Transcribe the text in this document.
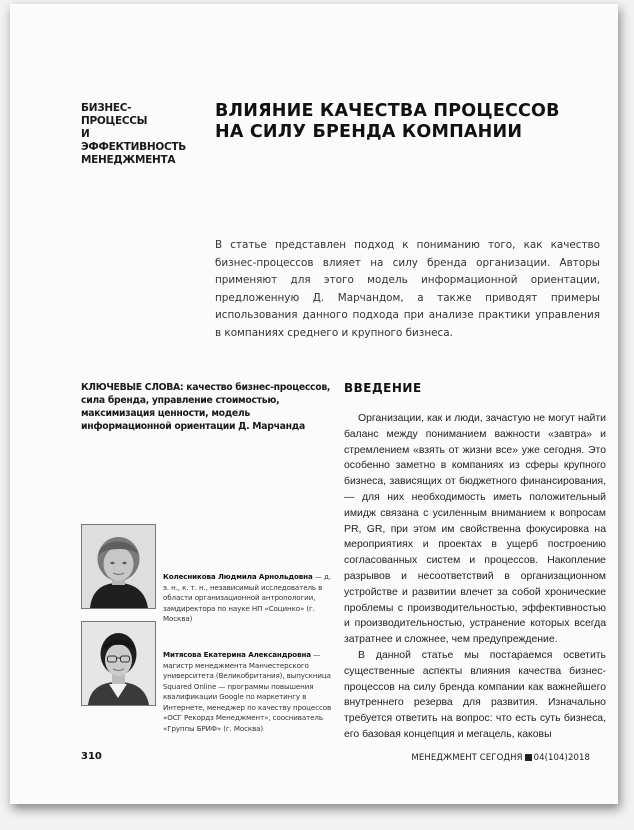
БИЗНЕС-ПРОЦЕССЫ
И ЭФФЕКТИВНОСТЬ
МЕНЕДЖМЕНТА
ВЛИЯНИЕ КАЧЕСТВА ПРОЦЕССОВ НА СИЛУ БРЕНДА КОМПАНИИ
В статье представлен подход к пониманию того, как качество бизнес-процессов влияет на силу бренда организации. Авторы применяют для этого модель информационной ориентации, предложенную Д. Марчандом, а также приводят примеры использования данного подхода при анализе практики управления в компаниях среднего и крупного бизнеса.
КЛЮЧЕВЫЕ СЛОВА: качество бизнес-процессов, сила бренда, управление стоимостью, максимизация ценности, модель информационной ориентации Д. Марчанда
ВВЕДЕНИЕ

Организации, как и люди, зачастую не могут найти баланс между пониманием важности «завтра» и стремлением «взять от жизни все» уже сегодня. Это особенно заметно в компаниях из сферы крупного бизнеса, зависящих от бюджетного финансирования, — для них необходимость иметь положительный имидж связана с усиленным вниманием к вопросам PR, GR, при этом им свойственна фокусировка на мероприятиях и проектах в ущерб построению согласованных систем и процессов. Накопление разрывов и несоответствий в организационном устройстве и развитии влечет за собой хронические проблемы с производительностью, эффективностью и производительностью, устранение которых всегда затратнее и сложнее, чем предупреждение.

В данной статье мы постараемся осветить существенные аспекты влияния качества бизнес-процессов на силу бренда компании как важнейшего внутреннего резерва для развития. Изначально требуется ответить на вопрос: что есть суть бизнеса, его базовая концепция и мегацель, каковы

Колесникова Людмила Арнольдовна — д. э. н., к. т. н., независимый исследователь в области организационной антропологии, замдиректора по науке НП «Социнко» (г. Москва)
Митясова Екатерина Александровна — магистр менеджмента Манчестерского университета (Великобритания), выпускница Squared Online — программы повышения квалификации Google по маркетингу в Интернете, менеджер по качеству процессов «ОСГ Рекордз Менеджмент», соосниватель «Группы БРИФ» (г. Москва)
310	МЕНЕДЖМЕНТ СЕГОДНЯ 04(104)2018
